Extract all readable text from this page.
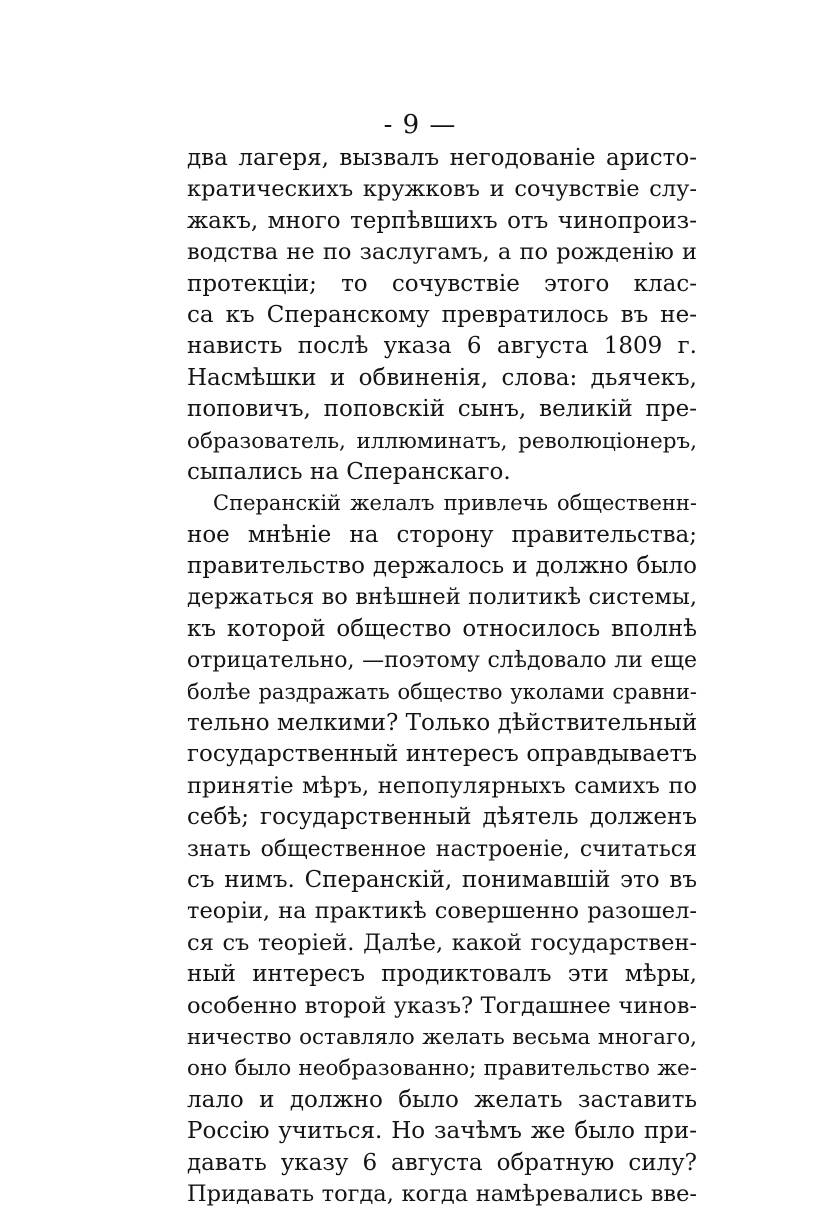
- 9 —
два лагеря, вызвалъ негодованіе аристо-
кратическихъ кружковъ и сочувствіе слу-
жакъ, много терпѣвшихъ отъ чинопроиз-
водства не по заслугамъ, а по рожденію и
протекціи; то сочувствіе этого клас-
са къ Сперанскому превратилось въ не-
нависть послѣ указа 6 августа 1809 г.
Насмѣшки и обвиненія, слова: дьячекъ,
поповичъ, поповскій сынъ, великій пре-
образователь, иллюминатъ, революціонеръ,
сыпались на Сперанскаго.
Сперанскій желалъ привлечь общественн-
ное мнѣніе на сторону правительства;
правительство держалось и должно было
держаться во внѣшней политикѣ системы,
къ которой общество относилось вполнѣ
отрицательно, —поэтому слѣдовало ли еще
болѣе раздражать общество уколами сравни-
тельно мелкими? Только дѣйствительный
государственный интересъ оправдываетъ
принятіе мѣръ, непопулярныхъ самихъ по
себѣ; государственный дѣятель долженъ
знать общественное настроеніе, считаться
съ нимъ. Сперанскій, понимавшій это въ
теоріи, на практикѣ совершенно разошел-
ся съ теоріей. Далѣе, какой государствен-
ный интересъ продиктовалъ эти мѣры,
особенно второй указъ? Тогдашнее чинов-
ничество оставляло желать весьма многаго,
оно было необразованно; правительство же-
лало и должно было желать заставить
Россію учиться. Но зачѣмъ же было при-
давать указу 6 августа обратную силу?
Придавать тогда, когда намѣревались вве-
